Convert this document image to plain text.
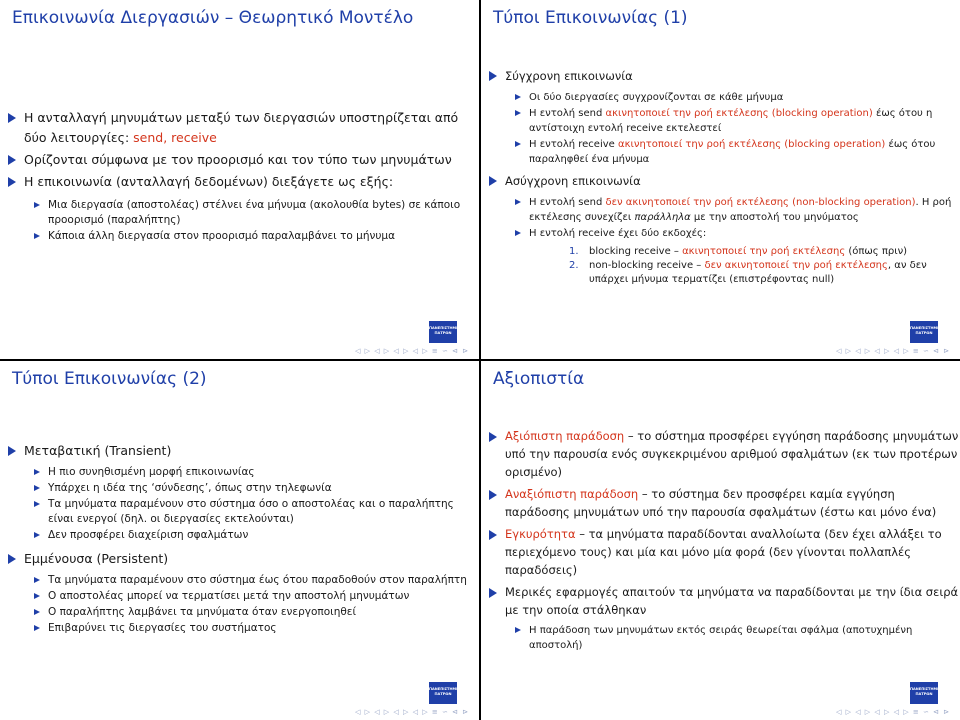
Επικοινωνία Διεργασιών – Θεωρητικό Μοντέλο
Η ανταλλαγή μηνυμάτων μεταξύ των διεργασιών υποστηρίζεται από δύο λειτουργίες: send, receive
Ορίζονται σύμφωνα με τον προορισμό και τον τύπο των μηνυμάτων
Η επικοινωνία (ανταλλαγή δεδομένων) διεξάγετε ως εξής:
Μια διεργασία (αποστολέας) στέλνει ένα μήνυμα (ακολουθία bytes) σε κάποιο προορισμό (παραλήπτης)
Κάποια άλλη διεργασία στον προορισμό παραλαμβάνει το μήνυμα
ΠΑΝΕΠΙΣΤΗΜΙΟ ΠΑΤΡΩΝ
◁ ▷ ◁ ▷ ◁ ▷ ◁ ▷ ≡ ∽ ⊲ ⊳
Τύποι Επικοινωνίας (1)
Σύγχρονη επικοινωνία
Οι δύο διεργασίες συγχρονίζονται σε κάθε μήνυμα
Η εντολή send ακινητοποιεί την ροή εκτέλεσης (blocking operation) έως ότου η αντίστοιχη εντολή receive εκτελεστεί
Η εντολή receive ακινητοποιεί την ροή εκτέλεσης (blocking operation) έως ότου παραληφθεί ένα μήνυμα
Ασύγχρονη επικοινωνία
Η εντολή send δεν ακινητοποιεί την ροή εκτέλεσης (non-blocking operation). Η ροή εκτέλεσης συνεχίζει παράλληλα με την αποστολή του μηνύματος
Η εντολή receive έχει δύο εκδοχές:
1. blocking receive – ακινητοποιεί την ροή εκτέλεσης (όπως πριν)
2. non-blocking receive – δεν ακινητοποιεί την ροή εκτέλεσης, αν δεν υπάρχει μήνυμα τερματίζει (επιστρέφοντας null)
ΠΑΝΕΠΙΣΤΗΜΙΟ ΠΑΤΡΩΝ
◁ ▷ ◁ ▷ ◁ ▷ ◁ ▷ ≡ ∽ ⊲ ⊳
Τύποι Επικοινωνίας (2)
Μεταβατική (Transient)
Η πιο συνηθισμένη μορφή επικοινωνίας
Υπάρχει η ιδέα της ‘σύνδεσης’, όπως στην τηλεφωνία
Τα μηνύματα παραμένουν στο σύστημα όσο ο αποστολέας και ο παραλήπτης είναι ενεργοί (δηλ. οι διεργασίες εκτελούνται)
Δεν προσφέρει διαχείριση σφαλμάτων
Εμμένουσα (Persistent)
Τα μηνύματα παραμένουν στο σύστημα έως ότου παραδοθούν στον παραλήπτη
Ο αποστολέας μπορεί να τερματίσει μετά την αποστολή μηνυμάτων
Ο παραλήπτης λαμβάνει τα μηνύματα όταν ενεργοποιηθεί
Επιβαρύνει τις διεργασίες του συστήματος
ΠΑΝΕΠΙΣΤΗΜΙΟ ΠΑΤΡΩΝ
◁ ▷ ◁ ▷ ◁ ▷ ◁ ▷ ≡ ∽ ⊲ ⊳
Αξιοπιστία
Αξιόπιστη παράδοση – το σύστημα προσφέρει εγγύηση παράδοσης μηνυμάτων υπό την παρουσία ενός συγκεκριμένου αριθμού σφαλμάτων (εκ των προτέρων ορισμένο)
Αναξιόπιστη παράδοση – το σύστημα δεν προσφέρει καμία εγγύηση παράδοσης μηνυμάτων υπό την παρουσία σφαλμάτων (έστω και μόνο ένα)
Εγκυρότητα – τα μηνύματα παραδίδονται αναλλοίωτα (δεν έχει αλλάξει το περιεχόμενο τους) και μία και μόνο μία φορά (δεν γίνονται πολλαπλές παραδόσεις)
Μερικές εφαρμογές απαιτούν τα μηνύματα να παραδίδονται με την ίδια σειρά με την οποία στάλθηκαν
Η παράδοση των μηνυμάτων εκτός σειράς θεωρείται σφάλμα (αποτυχημένη αποστολή)
ΠΑΝΕΠΙΣΤΗΜΙΟ ΠΑΤΡΩΝ
◁ ▷ ◁ ▷ ◁ ▷ ◁ ▷ ≡ ∽ ⊲ ⊳
